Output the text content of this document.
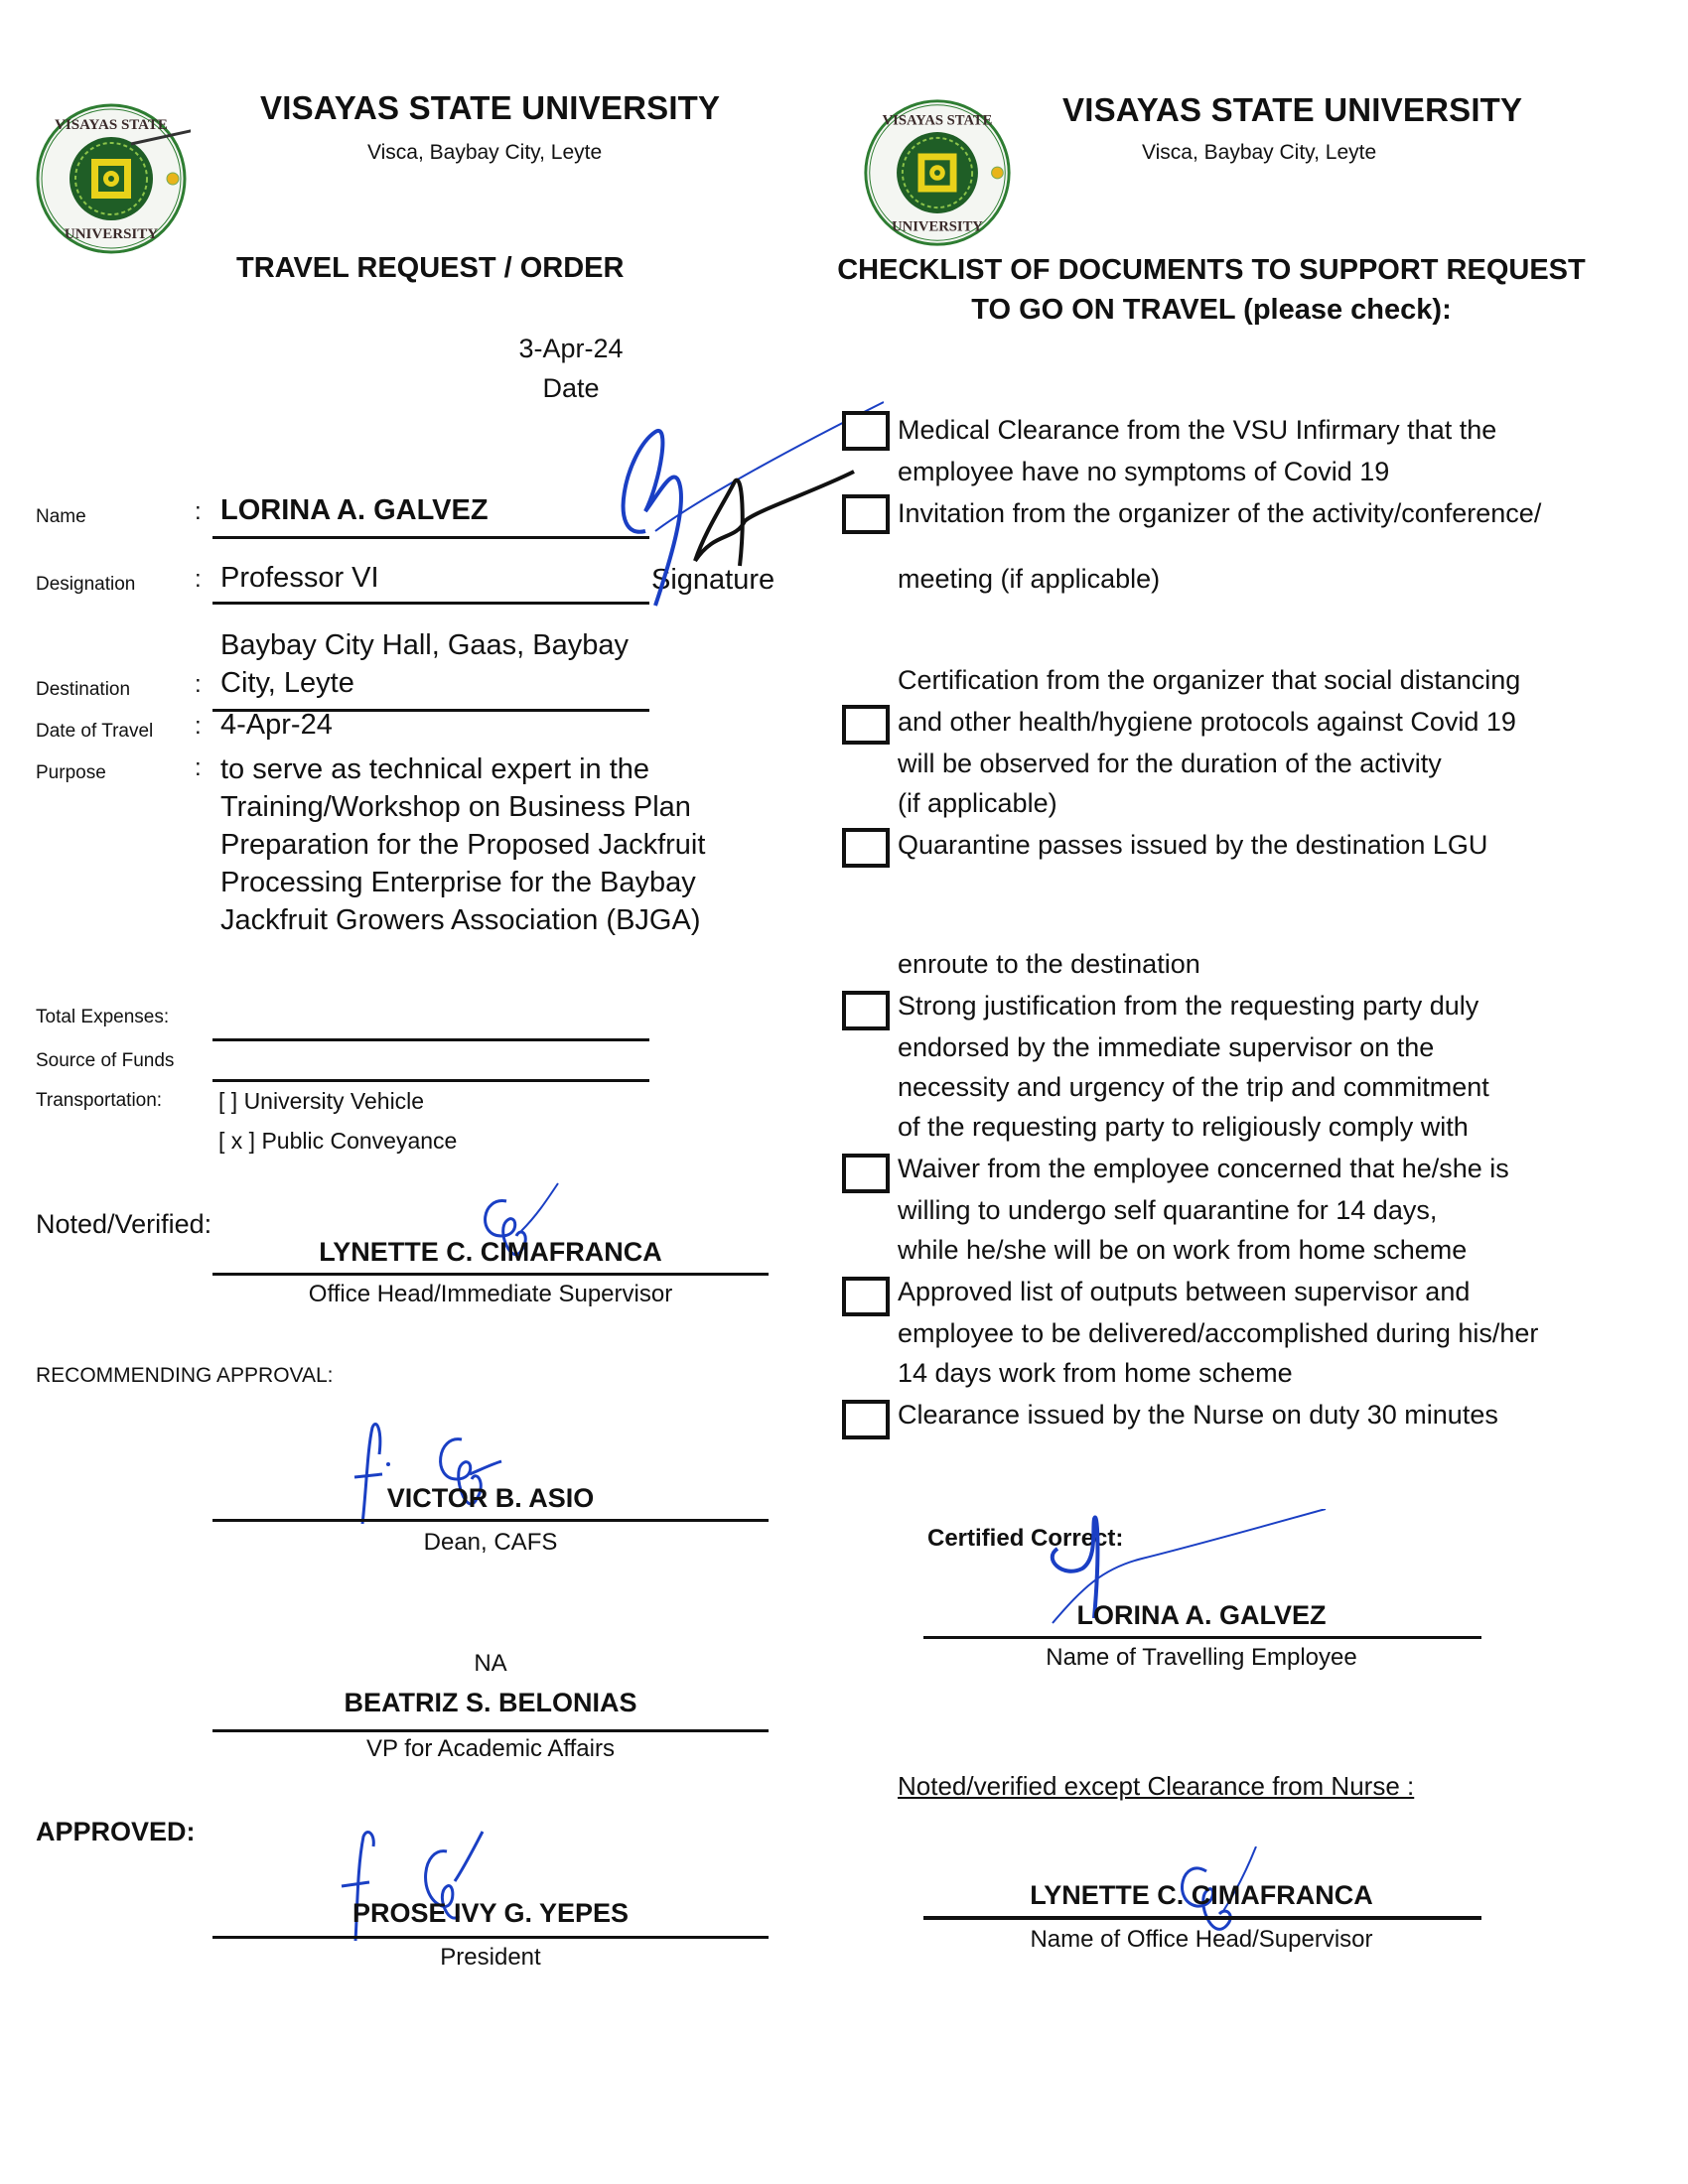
VISAYAS STATE
UNIVERSITY
VISAYAS STATE UNIVERSITY
Visca, Baybay City, Leyte
TRAVEL REQUEST / ORDER
3-Apr-24
Date
VISAYAS STATE
UNIVERSITY
VISAYAS STATE UNIVERSITY
Visca, Baybay City, Leyte
CHECKLIST OF DOCUMENTS TO SUPPORT REQUEST
TO GO ON TRAVEL (please check):
Name	: LORINA A. GALVEZ
Designation : Professor VI	Signature
Baybay City Hall, Gaas, Baybay
Destination	: City, Leyte
Date of Travel : 4-Apr-24
Purpose	: to serve as technical expert in the
Training/Workshop on Business Plan
Preparation for the Proposed Jackfruit
Processing Enterprise for the Baybay
Jackfruit Growers Association (BJGA)
Total Expenses:
Source of Funds
Transportation: [ ] University Vehicle
[ x ] Public Conveyance
Noted/Verified:
LYNETTE C. CIMAFRANCA
Office Head/Immediate Supervisor
RECOMMENDING APPROVAL:
VICTOR B. ASIO
Dean, CAFS
NA
BEATRIZ S. BELONIAS
VP for Academic Affairs
APPROVED:
PROSE IVY G. YEPES
President
Medical Clearance from the VSU Infirmary that the
employee have no symptoms of Covid 19
Invitation from the organizer of the activity/conference/
meeting (if applicable)
Certification from the organizer that social distancing
and other health/hygiene protocols against Covid 19
will be observed for the duration of the activity
(if applicable)
Quarantine passes issued by the destination LGU
enroute to the destination
Strong justification from the requesting party duly
endorsed by the immediate supervisor on the
necessity and urgency of the trip and commitment
of the requesting party to religiously comply with
Waiver from the employee concerned that he/she is
willing to undergo self quarantine for 14 days,
while he/she will be on work from home scheme
Approved list of outputs between supervisor and
employee to be delivered/accomplished during his/her
14 days work from home scheme
Clearance issued by the Nurse on duty 30 minutes
Certified Correct:
LORINA A. GALVEZ
Name of Travelling Employee
Noted/verified except Clearance from Nurse :
LYNETTE C. CIMAFRANCA
Name of Office Head/Supervisor
